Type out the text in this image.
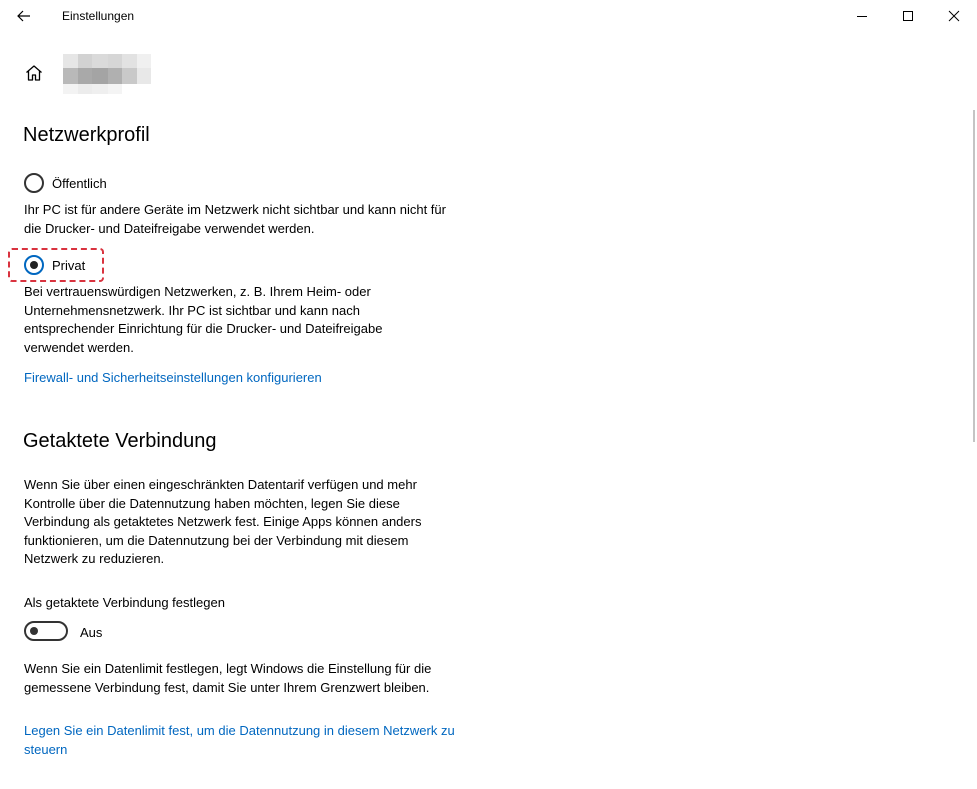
Einstellungen
Netzwerkprofil
Öffentlich

Ihr PC ist für andere Geräte im Netzwerk nicht sichtbar und kann nicht für die Drucker- und Dateifreigabe verwendet werden.

Privat

Bei vertrauenswürdigen Netzwerken, z. B. Ihrem Heim- oder Unternehmensnetzwerk. Ihr PC ist sichtbar und kann nach entsprechender Einrichtung für die Drucker- und Dateifreigabe verwendet werden.

Firewall- und Sicherheitseinstellungen konfigurieren
Getaktete Verbindung

Wenn Sie über einen eingeschränkten Datentarif verfügen und mehr Kontrolle über die Datennutzung haben möchten, legen Sie diese Verbindung als getaktetes Netzwerk fest. Einige Apps können anders funktionieren, um die Datennutzung bei der Verbindung mit diesem Netzwerk zu reduzieren.

Als getaktete Verbindung festlegen
Aus

Wenn Sie ein Datenlimit festlegen, legt Windows die Einstellung für die gemessene Verbindung fest, damit Sie unter Ihrem Grenzwert bleiben.

Legen Sie ein Datenlimit fest, um die Datennutzung in diesem Netzwerk zu steuern
